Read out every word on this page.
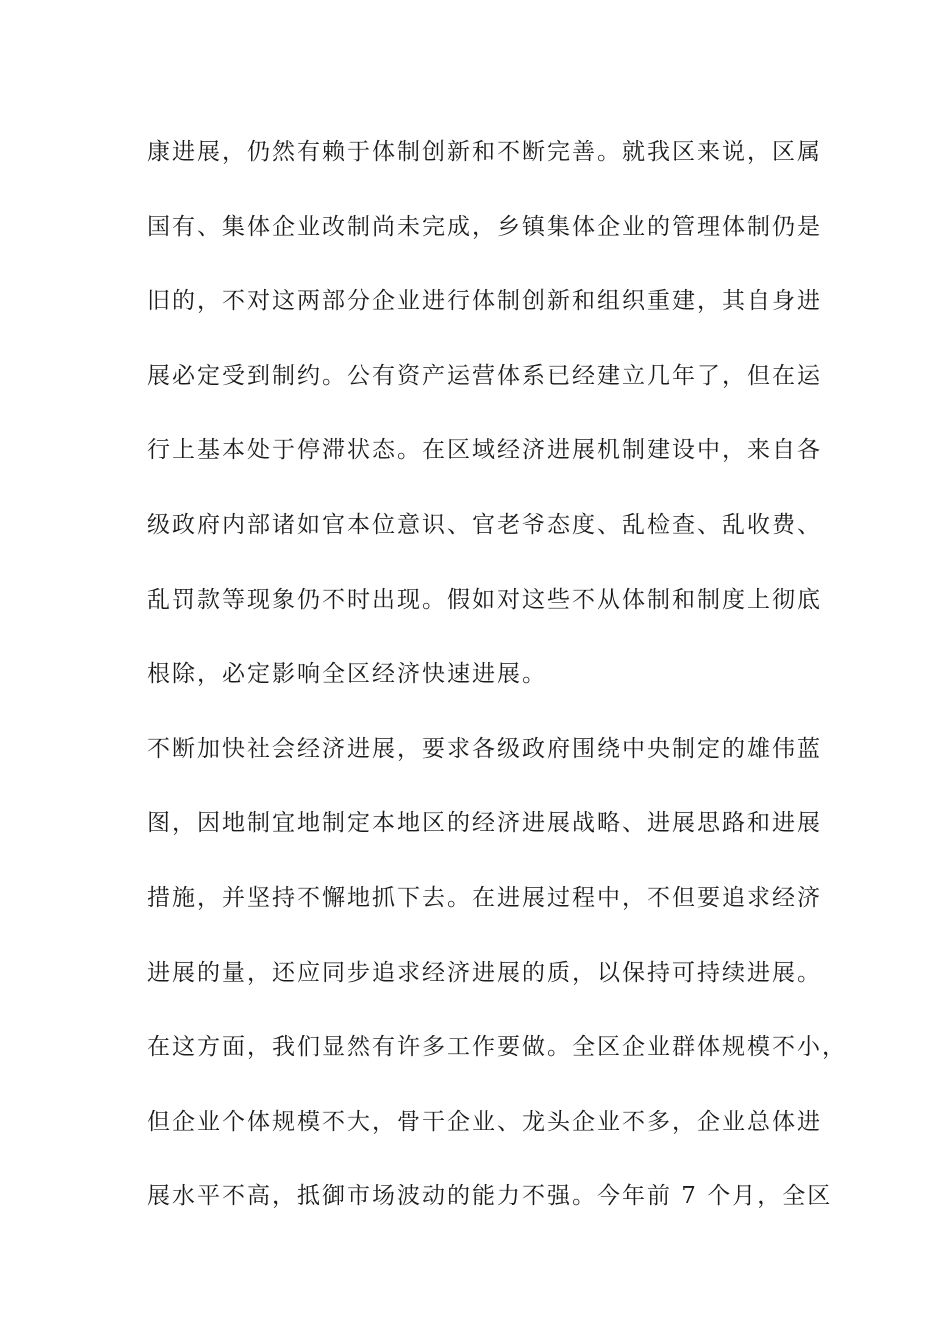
康进展，仍然有赖于体制创新和不断完善。就我区来说，区属
国有、集体企业改制尚未完成，乡镇集体企业的管理体制仍是
旧的，不对这两部分企业进行体制创新和组织重建，其自身进
展必定受到制约。公有资产运营体系已经建立几年了，但在运
行上基本处于停滞状态。在区域经济进展机制建设中，来自各
级政府内部诸如官本位意识、官老爷态度、乱检查、乱收费、
乱罚款等现象仍不时出现。假如对这些不从体制和制度上彻底
根除，必定影响全区经济快速进展。
不断加快社会经济进展，要求各级政府围绕中央制定的雄伟蓝
图，因地制宜地制定本地区的经济进展战略、进展思路和进展
措施，并坚持不懈地抓下去。在进展过程中，不但要追求经济
进展的量，还应同步追求经济进展的质，以保持可持续进展。
在这方面，我们显然有许多工作要做。全区企业群体规模不小，
但企业个体规模不大，骨干企业、龙头企业不多，企业总体进
展水平不高，抵御市场波动的能力不强。今年前 7 个月，全区
